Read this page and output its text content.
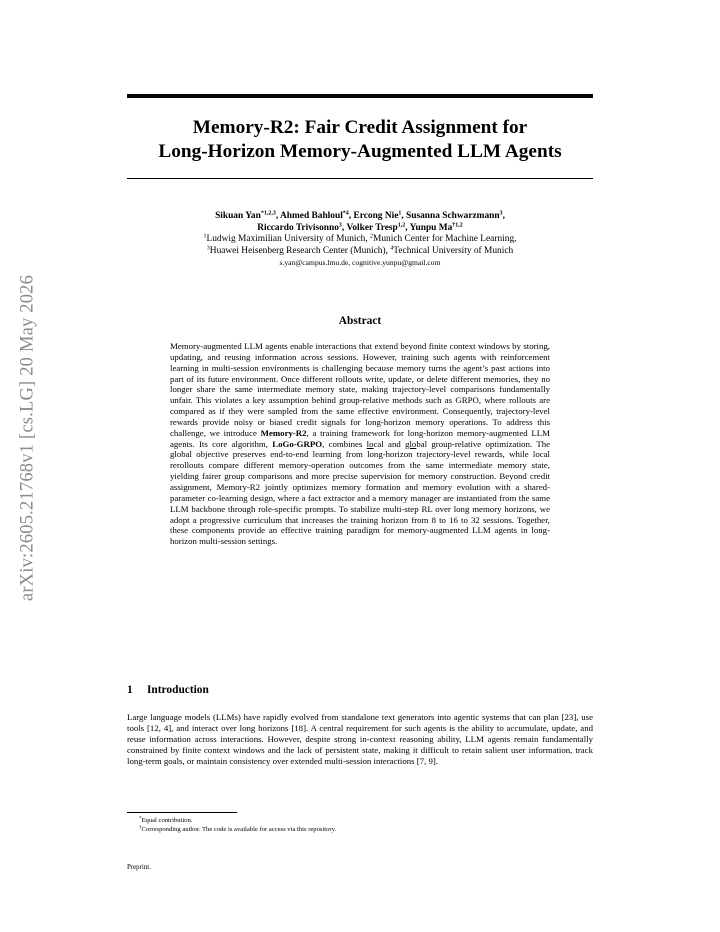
arXiv:2605.21768v1 [cs.LG] 20 May 2026
Memory-R2: Fair Credit Assignment for
Long-Horizon Memory-Augmented LLM Agents
Sikuan Yan$^{*1,2,3}$, Ahmed Bahloul$^{*4}$, Ercong Nie$^1$, Susanna Schwarzmann$^3$,
Riccardo Trivisonno$^3$, Volker Tresp$^{1,2}$, Yunpu Ma$^{\dagger 1,2}$
$^1$Ludwig Maximilian University of Munich, $^2$Munich Center for Machine Learning,
$^3$Huawei Heisenberg Research Center (Munich), $^4$Technical University of Munich
s.yan@campus.lmu.de, cognitive.yunpu@gmail.com
Abstract
Memory-augmented LLM agents enable interactions that extend beyond finite context windows by storing, updating, and reusing information across sessions. However, training such agents with reinforcement learning in multi-session environments is challenging because memory turns the agent’s past actions into part of its future environment. Once different rollouts write, update, or delete different memories, they no longer share the same intermediate memory state, making trajectory-level comparisons fundamentally unfair. This violates a key assumption behind group-relative methods such as GRPO, where rollouts are compared as if they were sampled from the same effective environment. Consequently, trajectory-level rewards provide noisy or biased credit signals for long-horizon memory operations. To address this challenge, we introduce Memory-R2, a training framework for long-horizon memory-augmented LLM agents. Its core algorithm, LoGo-GRPO, combines local and global group-relative optimization. The global objective preserves end-to-end learning from long-horizon trajectory-level rewards, while local rerollouts compare different memory-operation outcomes from the same intermediate memory state, yielding fairer group comparisons and more precise supervision for memory construction. Beyond credit assignment, Memory-R2 jointly optimizes memory formation and memory evolution with a shared-parameter co-learning design, where a fact extractor and a memory manager are instantiated from the same LLM backbone through role-specific prompts. To stabilize multi-step RL over long memory horizons, we adopt a progressive curriculum that increases the training horizon from 8 to 16 to 32 sessions. Together, these components provide an effective training paradigm for memory-augmented LLM agents in long-horizon multi-session settings.
1 Introduction
Large language models (LLMs) have rapidly evolved from standalone text generators into agentic systems that can plan [23], use tools [12, 4], and interact over long horizons [18]. A central requirement for such agents is the ability to accumulate, update, and reuse information across interactions. However, despite strong in-context reasoning ability, LLM agents remain fundamentally constrained by finite context windows and the lack of persistent state, making it difficult to retain salient user information, track long-term goals, or maintain consistency over extended multi-session interactions [7, 9].
*Equal contribution.
†Corresponding author. The code is available for access via this repository.
Preprint.
